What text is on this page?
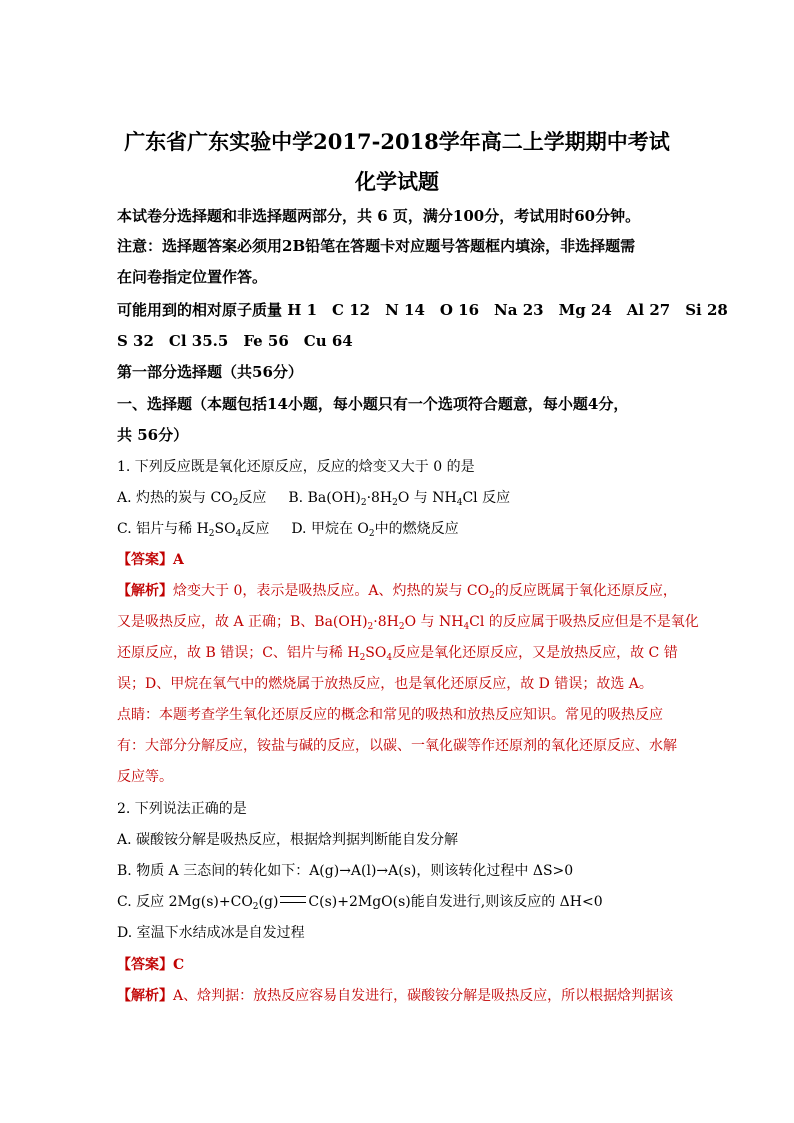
广东省广东实验中学2017-2018学年高二上学期期中考试
化学试题
本试卷分选择题和非选择题两部分，共 6 页，满分100分，考试用时60分钟。
注意：选择题答案必须用2B铅笔在答题卡对应题号答题框内填涂，非选择题需
在问卷指定位置作答。
可能用到的相对原子质量 H 1　C 12　N 14　O 16　Na 23　Mg 24　Al 27　Si 28
S 32　Cl 35.5　Fe 56　Cu 64
第一部分选择题（共56分）
一、选择题（本题包括14小题，每小题只有一个选项符合题意，每小题4分，
共 56分）
1. 下列反应既是氧化还原反应，反应的焓变又大于 0 的是
A. 灼热的炭与 $CO_2$反应 B. $Ba(OH)_2\cdot 8H_2O$ 与 $NH_4Cl$ 反应
C. 铝片与稀 $H_2SO_4$反应 D. 甲烷在 $O_2$中的燃烧反应
【答案】A
【解析】焓变大于 0，表示是吸热反应。A、灼热的炭与 $CO_2$的反应既属于氧化还原反应，
又是吸热反应，故 A 正确；B、$Ba(OH)_2\cdot 8H_2O$ 与 $NH_4Cl$ 的反应属于吸热反应但是不是氧化
还原反应，故 B 错误；C、铝片与稀 $H_2SO_4$反应是氧化还原反应，又是放热反应，故 C 错
误；D、甲烷在氧气中的燃烧属于放热反应，也是氧化还原反应，故 D 错误；故选 A。
点睛：本题考查学生氧化还原反应的概念和常见的吸热和放热反应知识。常见的吸热反应
有：大部分分解反应，铵盐与碱的反应，以碳、一氧化碳等作还原剂的氧化还原反应、水解
反应等。
2. 下列说法正确的是
A. 碳酸铵分解是吸热反应，根据焓判据判断能自发分解
B. 物质 A 三态间的转化如下：A(g)→A(l)→A(s)，则该转化过程中 ΔS>0
C. 反应 $2Mg(s)+CO_2(g)$ C(s)+2MgO(s)能自发进行,则该反应的 ΔH<0
D. 室温下水结成冰是自发过程
【答案】C
【解析】A、焓判据：放热反应容易自发进行，碳酸铵分解是吸热反应，所以根据焓判据该
